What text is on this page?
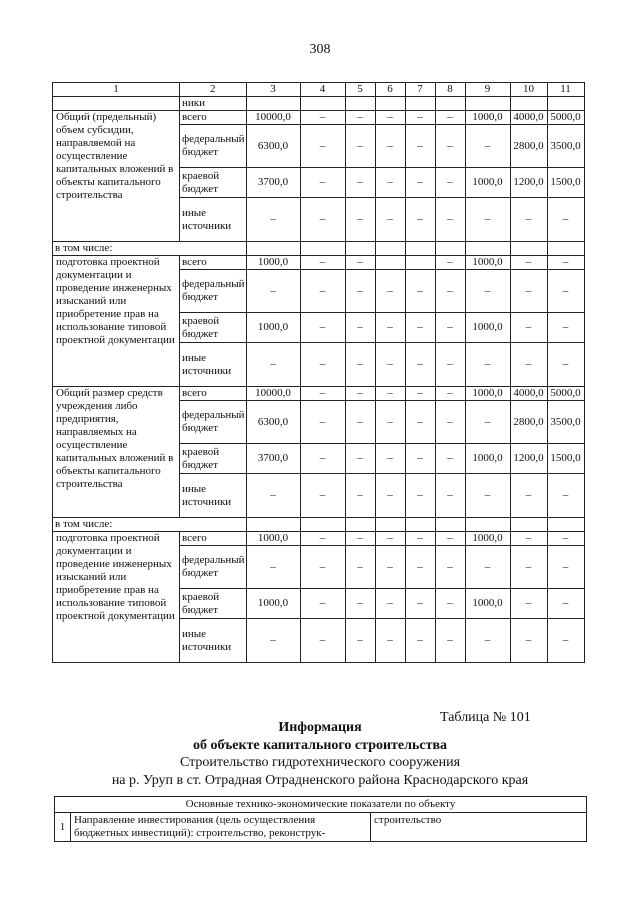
308
1	2	3	4	5	6	7	8	9	10	11
	ники									
Общий (предельный) объем субсидии, направляемой на осуществление капитальных вложений в объекты капитального строительства	всего	10000,0	–	–	–	–	–	1000,0	4000,0	5000,0
	федеральный бюджет	6300,0	–	–	–	–	–	–	2800,0	3500,0
	краевой бюджет	3700,0	–	–	–	–	–	1000,0	1200,0	1500,0
	иные источники	–	–	–	–	–	–	–	–	–
в том числе:										
подготовка проектной документации и проведение инженерных изысканий или приобретение прав на использование типовой проектной документации	всего	1000,0	–	–			–	1000,0	–	–
	федеральный бюджет	–	–	–	–	–	–	–	–	–
	краевой бюджет	1000,0	–	–	–	–	–	1000,0	–	–
	иные источники	–	–	–	–	–	–	–	–	–
Общий размер средств учреждения либо предприятия, направляемых на осуществление капитальных вложений в объекты капитального строительства	всего	10000,0	–	–	–	–	–	1000,0	4000,0	5000,0
	федеральный бюджет	6300,0	–	–	–	–	–	–	2800,0	3500,0
	краевой бюджет	3700,0	–	–	–	–	–	1000,0	1200,0	1500,0
	иные источники	–	–	–	–	–	–	–	–	–
в том числе:										
подготовка проектной документации и проведение инженерных изысканий или приобретение прав на использование типовой проектной документации	всего	1000,0	–	–	–	–	–	1000,0	–	–
	федеральный бюджет	–	–	–	–	–	–	–	–	–
	краевой бюджет	1000,0	–	–	–	–	–	1000,0	–	–
	иные источники	–	–	–	–	–	–	–	–	–
Таблица № 101
Информация
об объекте капитального строительства
Строительство гидротехнического сооружения
на р. Уруп в ст. Отрадная Отрадненского района Краснодарского края
Основные технико-экономические показатели по объекту
1	Направление инвестирования (цель осуществления бюджетных инвестиций): строительство, реконструк-	строительство
